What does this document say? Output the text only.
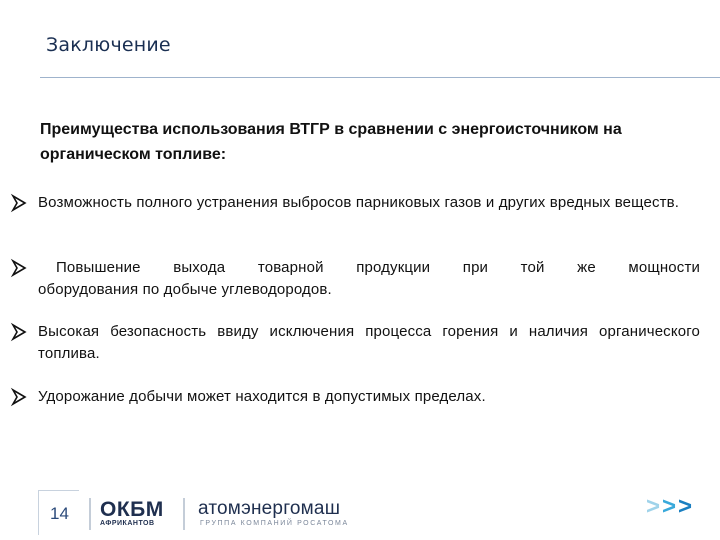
Заключение
Преимущества использования ВТГР в сравнении с энергоисточником на органическом топливе:
Возможность полного устранения выбросов парниковых газов и других вредных веществ.
Повышение выхода товарной продукции при той же мощности
оборудования по добыче углеводородов.
Высокая безопасность ввиду исключения процесса горения и наличия органического топлива.
Удорожание добычи может находится в допустимых пределах.
14 ОКБМ
АФРИКАНТОВ
атомэнергомаш
ГРУППА КОМПАНИЙ РОСАТОМА
>>>
